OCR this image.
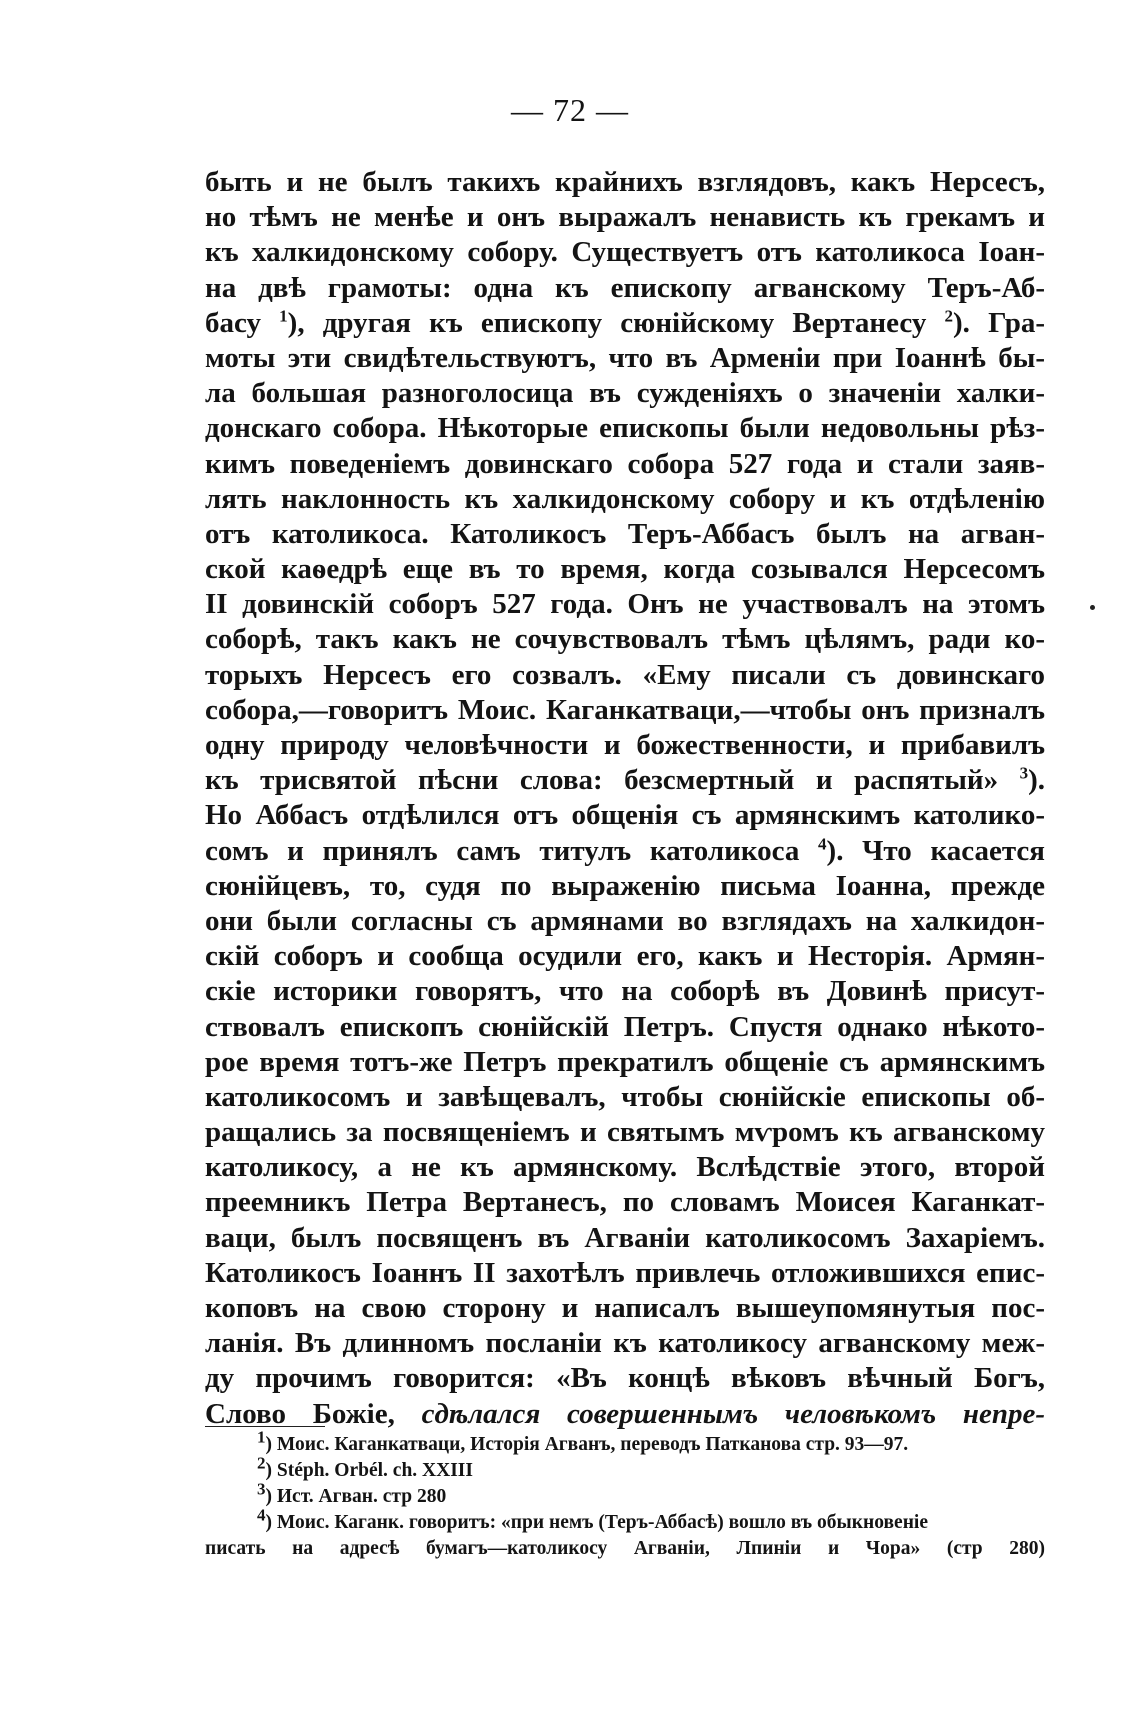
— 72 —
быть и не былъ такихъ крайнихъ взглядовъ, какъ Нерсесъ,
но тѣмъ не менѣе и онъ выражалъ ненависть къ грекамъ и
къ халкидонскому собору. Существуетъ отъ католикоса Іоан-
на двѣ грамоты: одна къ епископу агванскому Теръ-Аб-
басу $^1$), другая къ епископу сюнійскому Вертанесу $^2$). Гра-
моты эти свидѣтельствуютъ, что въ Арменіи при Іоаннѣ бы-
ла большая разноголосица въ сужденіяхъ о значеніи халки-
донскаго собора. Нѣкоторые епископы были недовольны рѣз-
кимъ поведеніемъ довинскаго собора 527 года и стали заяв-
лять наклонность къ халкидонскому собору и къ отдѣленію
отъ католикоса. Католикосъ Теръ-Аббасъ былъ на агван-
ской каѳедрѣ еще въ то время, когда созывался Нерсесомъ
II довинскій соборъ 527 года. Онъ не участвовалъ на этомъ
соборѣ, такъ какъ не сочувствовалъ тѣмъ цѣлямъ, ради ко-
торыхъ Нерсесъ его созвалъ. «Ему писали съ довинскаго
собора,—говоритъ Моис. Каганкатваци,—чтобы онъ призналъ
одну природу человѣчности и божественности, и прибавилъ
къ трисвятой пѣсни слова: безсмертный и распятый» $^3$).
Но Аббасъ отдѣлился отъ общенія съ армянскимъ католико-
сомъ и принялъ самъ титулъ католикоса $^4$). Что касается
сюнійцевъ, то, судя по выраженію письма Іоанна, прежде
они были согласны съ армянами во взглядахъ на халкидон-
скій соборъ и сообща осудили его, какъ и Несторія. Армян-
скіе историки говорятъ, что на соборѣ въ Довинѣ присут-
ствовалъ епископъ сюнійскій Петръ. Спустя однако нѣкото-
рое время тотъ-же Петръ прекратилъ общеніе съ армянскимъ
католикосомъ и завѣщевалъ, чтобы сюнійскіе епископы об-
ращались за посвященіемъ и святымъ мѵромъ къ агванскому
католикосу, а не къ армянскому. Вслѣдствіе этого, второй
преемникъ Петра Вертанесъ, по словамъ Моисея Каганкат-
ваци, былъ посвященъ въ Агваніи католикосомъ Захаріемъ.
Католикосъ Іоаннъ II захотѣлъ привлечь отложившихся епис-
коповъ на свою сторону и написалъ вышеупомянутыя пос-
ланія. Въ длинномъ посланіи къ католикосу агванскому меж-
ду прочимъ говорится: «Въ концѣ вѣковъ вѣчный Богъ,
Слово Божіе, сдѣлался совершеннымъ человѣкомъ непре-
$^1$) Моис. Каганкатваци, Исторія Агванъ, переводъ Патканова стр. 93—97.
$^2$) Stéph. Orbél. ch. XXIII
$^3$) Ист. Агван. стр 280
$^4$) Моис. Каганк. говоритъ: «при немъ (Теръ-Аббасѣ) вошло въ обыкновеніе
писать на адресѣ бумагъ—католикосу Агваніи, Лпиніи и Чора» (стр 280)
